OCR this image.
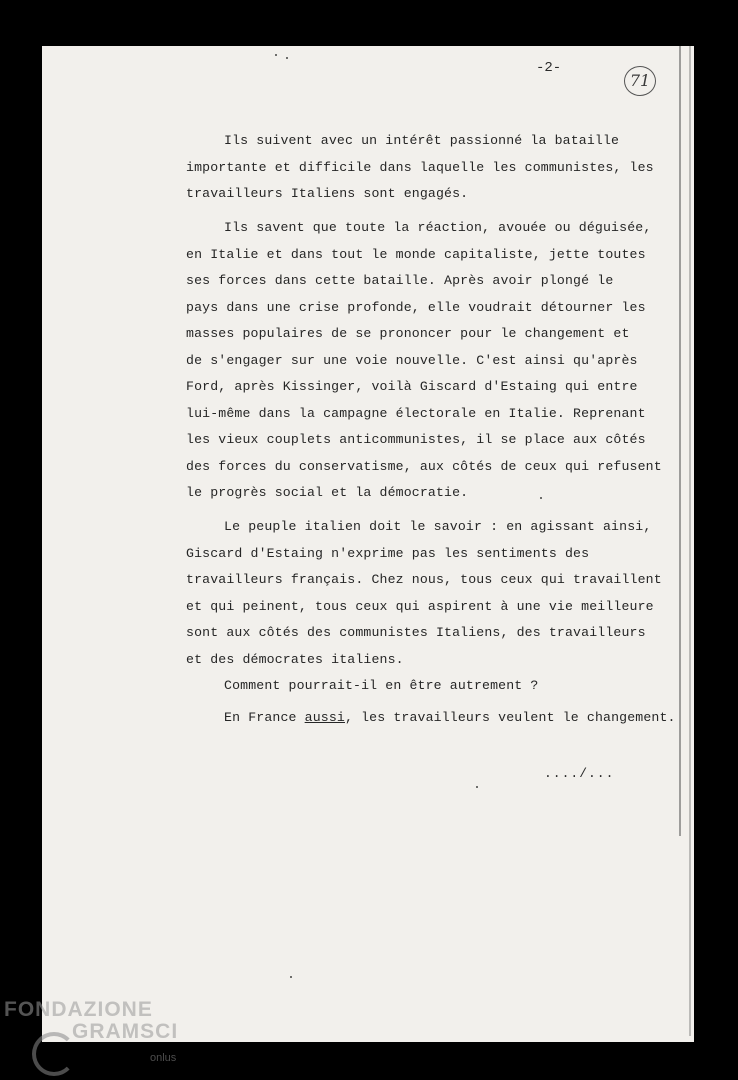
-2-
71
Ils suivent avec un intérêt passionné la bataille
importante et difficile dans laquelle les communistes, les
travailleurs Italiens sont engagés.
Ils savent que toute la réaction, avouée ou déguisée,
en Italie et dans tout le monde capitaliste, jette toutes
ses forces dans cette bataille. Après avoir plongé le
pays dans une crise profonde, elle voudrait détourner les
masses populaires de se prononcer pour le changement et
de s'engager sur une voie nouvelle. C'est ainsi qu'après
Ford, après Kissinger, voilà Giscard d'Estaing qui entre
lui-même dans la campagne électorale en Italie. Reprenant
les vieux couplets anticommunistes, il se place aux côtés
des forces du conservatisme, aux côtés de ceux qui refusent
le progrès social et la démocratie.
Le peuple italien doit le savoir : en agissant ainsi,
Giscard d'Estaing n'exprime pas les sentiments des
travailleurs français. Chez nous, tous ceux qui travaillent
et qui peinent, tous ceux qui aspirent à une vie meilleure
sont aux côtés des communistes Italiens, des travailleurs
et des démocrates italiens.
Comment pourrait-il en être autrement ?
En France aussi, les travailleurs veulent le changement.
..../...
FONDAZIONE
GRAMSCI
onlus
